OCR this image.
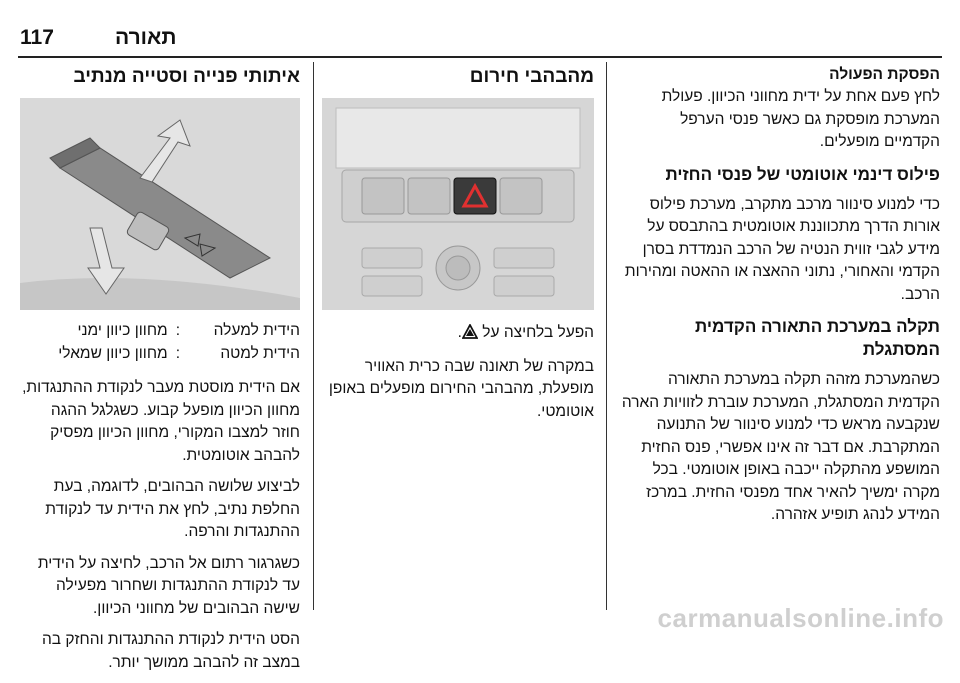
117	תאורה
הפסקת הפעולה

לחץ פעם אחת על ידית מחווני הכיוון. פעולת המערכת מופסקת גם כאשר פנסי הערפל הקדמיים מופעלים.

פילוס דינמי אוטומטי של פנסי החזית

כדי למנוע סינוור מרכב מתקרב, מערכת פילוס אורות הדרך מתכווננת אוטומטית בהתבסס על מידע לגבי זווית הנטיה של הרכב הנמדדת בסרן הקדמי והאחורי, נתוני ההאצה או ההאטה ומהירות הרכב.

תקלה במערכת התאורה הקדמית המסתגלת

כשהמערכת מזהה תקלה במערכת התאורה הקדמית המסתגלת, המערכת עוברת לזוויות הארה שנקבעה מראש כדי למנוע סינוור של התנועה המתקרבת. אם דבר זה אינו אפשרי, פנס החזית המושפע מהתקלה ייכבה באופן אוטומטי. בכל מקרה ימשיך להאיר אחד מפנסי החזית. במרכז המידע לנהג תופיע אזהרה.

מהבהבי חירום

הפעל בלחיצה על .

במקרה של תאונה שבה כרית האוויר מופעלת, מהבהבי החירום מופעלים באופן אוטומטי.

איתותי פנייה וסטייה מנתיב
הידית למעלה
:
מחוון כיוון ימני
הידית למטה
:
מחוון כיוון שמאלי

אם הידית מוסטת מעבר לנקודת ההתנגדות, מחוון הכיוון מופעל קבוע. כשגלגל ההגה חוזר למצבו המקורי, מחוון הכיוון מפסיק להבהב אוטומטית.

לביצוע שלושה הבהובים, לדוגמה, בעת החלפת נתיב, לחץ את הידית עד לנקודת ההתנגדות והרפה.

כשגרגור רתום אל הרכב, לחיצה על הידית עד לנקודת ההתנגדות ושחרור מפעילה שישה הבהובים של מחווני הכיוון.

הסט הידית לנקודת ההתנגדות והחזק בה במצב זה להבהב ממושך יותר.

carmanualsonline.info
